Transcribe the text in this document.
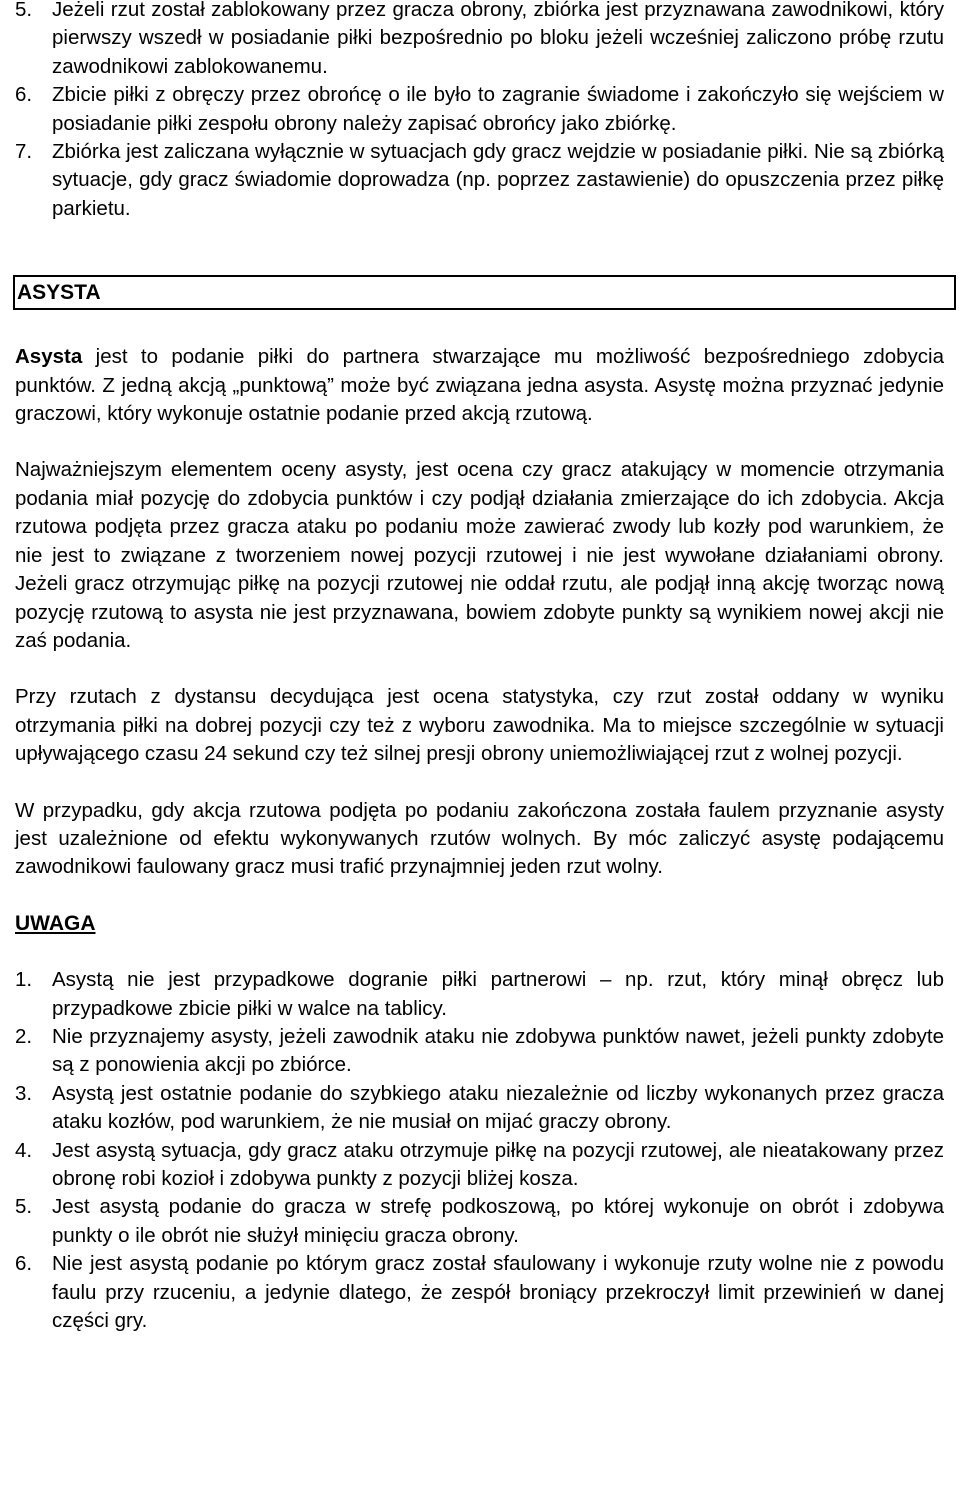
5. Jeżeli rzut został zablokowany przez gracza obrony, zbiórka jest przyznawana zawodnikowi, który pierwszy wszedł w posiadanie piłki bezpośrednio po bloku jeżeli wcześniej zaliczono próbę rzutu zawodnikowi zablokowanemu.
6. Zbicie piłki z obręczy przez obrońcę o ile było to zagranie świadome i zakończyło się wejściem w posiadanie piłki zespołu obrony należy zapisać obrońcy jako zbiórkę.
7. Zbiórka jest zaliczana wyłącznie w sytuacjach gdy gracz wejdzie w posiadanie piłki. Nie są zbiórką sytuacje, gdy gracz świadomie doprowadza (np. poprzez zastawienie) do opuszczenia przez piłkę parkietu.
ASYSTA

Asysta jest to podanie piłki do partnera stwarzające mu możliwość bezpośredniego zdobycia punktów. Z jedną akcją „punktową” może być związana jedna asysta. Asystę można przyznać jedynie graczowi, który wykonuje ostatnie podanie przed akcją rzutową.

Najważniejszym elementem oceny asysty, jest ocena czy gracz atakujący w momencie otrzymania podania miał pozycję do zdobycia punktów i czy podjął działania zmierzające do ich zdobycia. Akcja rzutowa podjęta przez gracza ataku po podaniu może zawierać zwody lub kozły pod warunkiem, że nie jest to związane z tworzeniem nowej pozycji rzutowej i nie jest wywołane działaniami obrony. Jeżeli gracz otrzymując piłkę na pozycji rzutowej nie oddał rzutu, ale podjął inną akcję tworząc nową pozycję rzutową to asysta nie jest przyznawana, bowiem zdobyte punkty są wynikiem nowej akcji nie zaś podania.

Przy rzutach z dystansu decydująca jest ocena statystyka, czy rzut został oddany w wyniku otrzymania piłki na dobrej pozycji czy też z wyboru zawodnika. Ma to miejsce szczególnie w sytuacji upływającego czasu 24 sekund czy też silnej presji obrony uniemożliwiającej rzut z wolnej pozycji.

W przypadku, gdy akcja rzutowa podjęta po podaniu zakończona została faulem przyznanie asysty jest uzależnione od efektu wykonywanych rzutów wolnych. By móc zaliczyć asystę podającemu zawodnikowi faulowany gracz musi trafić przynajmniej jeden rzut wolny.

UWAGA
1. Asystą nie jest przypadkowe dogranie piłki partnerowi – np. rzut, który minął obręcz lub przypadkowe zbicie piłki w walce na tablicy.
2. Nie przyznajemy asysty, jeżeli zawodnik ataku nie zdobywa punktów nawet, jeżeli punkty zdobyte są z ponowienia akcji po zbiórce.
3. Asystą jest ostatnie podanie do szybkiego ataku niezależnie od liczby wykonanych przez gracza ataku kozłów, pod warunkiem, że nie musiał on mijać graczy obrony.
4. Jest asystą sytuacja, gdy gracz ataku otrzymuje piłkę na pozycji rzutowej, ale nieatakowany przez obronę robi kozioł i zdobywa punkty z pozycji bliżej kosza.
5. Jest asystą podanie do gracza w strefę podkoszową, po której wykonuje on obrót i zdobywa punkty o ile obrót nie służył minięciu gracza obrony.
6. Nie jest asystą podanie po którym gracz został sfaulowany i wykonuje rzuty wolne nie z powodu faulu przy rzuceniu, a jedynie dlatego, że zespół broniący przekroczył limit przewinień w danej części gry.
